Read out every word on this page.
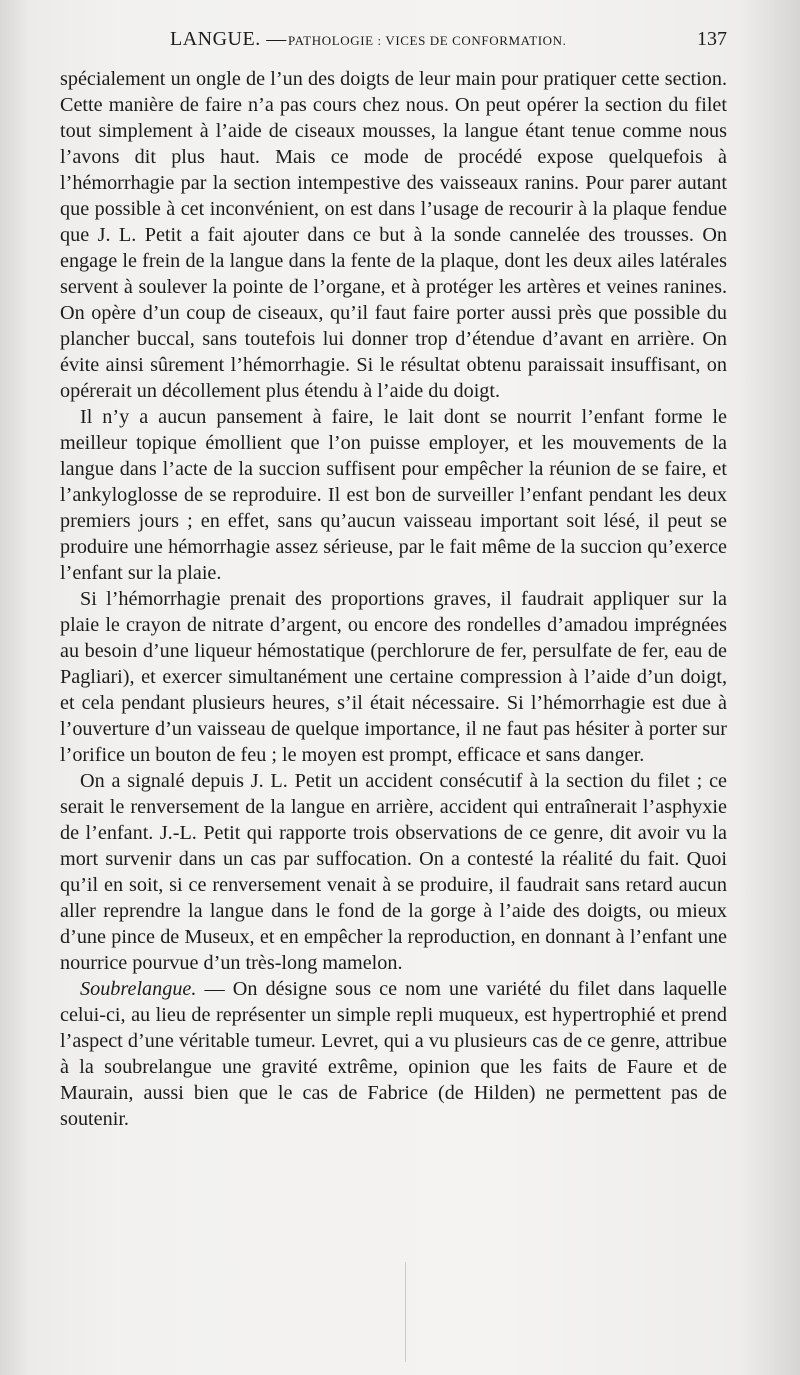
LANGUE. — PATHOLOGIE : VICES DE CONFORMATION.	137

spécialement un ongle de l’un des doigts de leur main pour pratiquer cette section. Cette manière de faire n’a pas cours chez nous. On peut opérer la section du filet tout simplement à l’aide de ciseaux mousses, la langue étant tenue comme nous l’avons dit plus haut. Mais ce mode de procédé expose quelquefois à l’hémorrhagie par la section intempestive des vaisseaux ranins. Pour parer autant que possible à cet inconvénient, on est dans l’usage de recourir à la plaque fendue que J. L. Petit a fait ajouter dans ce but à la sonde cannelée des trousses. On engage le frein de la langue dans la fente de la plaque, dont les deux ailes latérales servent à soulever la pointe de l’organe, et à protéger les artères et veines ranines. On opère d’un coup de ciseaux, qu’il faut faire porter aussi près que possible du plancher buccal, sans toutefois lui donner trop d’étendue d’avant en arrière. On évite ainsi sûrement l’hémorrhagie. Si le résultat obtenu paraissait insuffisant, on opérerait un décollement plus étendu à l’aide du doigt.

Il n’y a aucun pansement à faire, le lait dont se nourrit l’enfant forme le meilleur topique émollient que l’on puisse employer, et les mouvements de la langue dans l’acte de la succion suffisent pour empêcher la réunion de se faire, et l’ankyloglosse de se reproduire. Il est bon de surveiller l’enfant pendant les deux premiers jours ; en effet, sans qu’aucun vaisseau important soit lésé, il peut se produire une hémorrhagie assez sérieuse, par le fait même de la succion qu’exerce l’enfant sur la plaie.

Si l’hémorrhagie prenait des proportions graves, il faudrait appliquer sur la plaie le crayon de nitrate d’argent, ou encore des rondelles d’amadou imprégnées au besoin d’une liqueur hémostatique (perchlorure de fer, persulfate de fer, eau de Pagliari), et exercer simultanément une certaine compression à l’aide d’un doigt, et cela pendant plusieurs heures, s’il était nécessaire. Si l’hémorrhagie est due à l’ouverture d’un vaisseau de quelque importance, il ne faut pas hésiter à porter sur l’orifice un bouton de feu ; le moyen est prompt, efficace et sans danger.

On a signalé depuis J. L. Petit un accident consécutif à la section du filet ; ce serait le renversement de la langue en arrière, accident qui entraînerait l’asphyxie de l’enfant. J.-L. Petit qui rapporte trois observations de ce genre, dit avoir vu la mort survenir dans un cas par suffocation. On a contesté la réalité du fait. Quoi qu’il en soit, si ce renversement venait à se produire, il faudrait sans retard aucun aller reprendre la langue dans le fond de la gorge à l’aide des doigts, ou mieux d’une pince de Museux, et en empêcher la reproduction, en donnant à l’enfant une nourrice pourvue d’un très-long mamelon.

Soubrelangue. — On désigne sous ce nom une variété du filet dans laquelle celui-ci, au lieu de représenter un simple repli muqueux, est hypertrophié et prend l’aspect d’une véritable tumeur. Levret, qui a vu plusieurs cas de ce genre, attribue à la soubrelangue une gravité extrême, opinion que les faits de Faure et de Maurain, aussi bien que le cas de Fabrice (de Hilden) ne permettent pas de soutenir.
